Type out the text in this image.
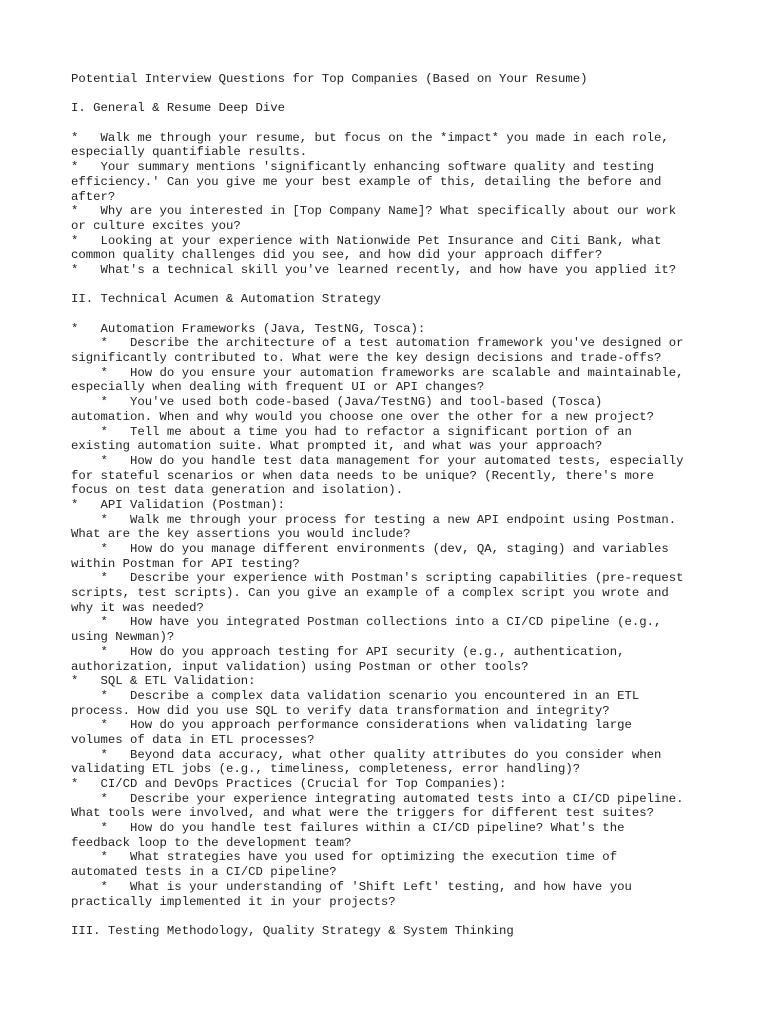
Potential Interview Questions for Top Companies (Based on Your Resume)
I. General & Resume Deep Dive
*   Walk me through your resume, but focus on the *impact* you made in each role,
especially quantifiable results.
*   Your summary mentions 'significantly enhancing software quality and testing
efficiency.' Can you give me your best example of this, detailing the before and
after?
*   Why are you interested in [Top Company Name]? What specifically about our work
or culture excites you?
*   Looking at your experience with Nationwide Pet Insurance and Citi Bank, what
common quality challenges did you see, and how did your approach differ?
*   What's a technical skill you've learned recently, and how have you applied it?
II. Technical Acumen & Automation Strategy
*   Automation Frameworks (Java, TestNG, Tosca):
*   Describe the architecture of a test automation framework you've designed or
significantly contributed to. What were the key design decisions and trade-offs?
*   How do you ensure your automation frameworks are scalable and maintainable,
especially when dealing with frequent UI or API changes?
*   You've used both code-based (Java/TestNG) and tool-based (Tosca)
automation. When and why would you choose one over the other for a new project?
*   Tell me about a time you had to refactor a significant portion of an
existing automation suite. What prompted it, and what was your approach?
*   How do you handle test data management for your automated tests, especially
for stateful scenarios or when data needs to be unique? (Recently, there's more
focus on test data generation and isolation).
*   API Validation (Postman):
*   Walk me through your process for testing a new API endpoint using Postman.
What are the key assertions you would include?
*   How do you manage different environments (dev, QA, staging) and variables
within Postman for API testing?
*   Describe your experience with Postman's scripting capabilities (pre-request
scripts, test scripts). Can you give an example of a complex script you wrote and
why it was needed?
*   How have you integrated Postman collections into a CI/CD pipeline (e.g.,
using Newman)?
*   How do you approach testing for API security (e.g., authentication,
authorization, input validation) using Postman or other tools?
*   SQL & ETL Validation:
*   Describe a complex data validation scenario you encountered in an ETL
process. How did you use SQL to verify data transformation and integrity?
*   How do you approach performance considerations when validating large
volumes of data in ETL processes?
*   Beyond data accuracy, what other quality attributes do you consider when
validating ETL jobs (e.g., timeliness, completeness, error handling)?
*   CI/CD and DevOps Practices (Crucial for Top Companies):
*   Describe your experience integrating automated tests into a CI/CD pipeline.
What tools were involved, and what were the triggers for different test suites?
*   How do you handle test failures within a CI/CD pipeline? What's the
feedback loop to the development team?
*   What strategies have you used for optimizing the execution time of
automated tests in a CI/CD pipeline?
*   What is your understanding of 'Shift Left' testing, and how have you
practically implemented it in your projects?
III. Testing Methodology, Quality Strategy & System Thinking
